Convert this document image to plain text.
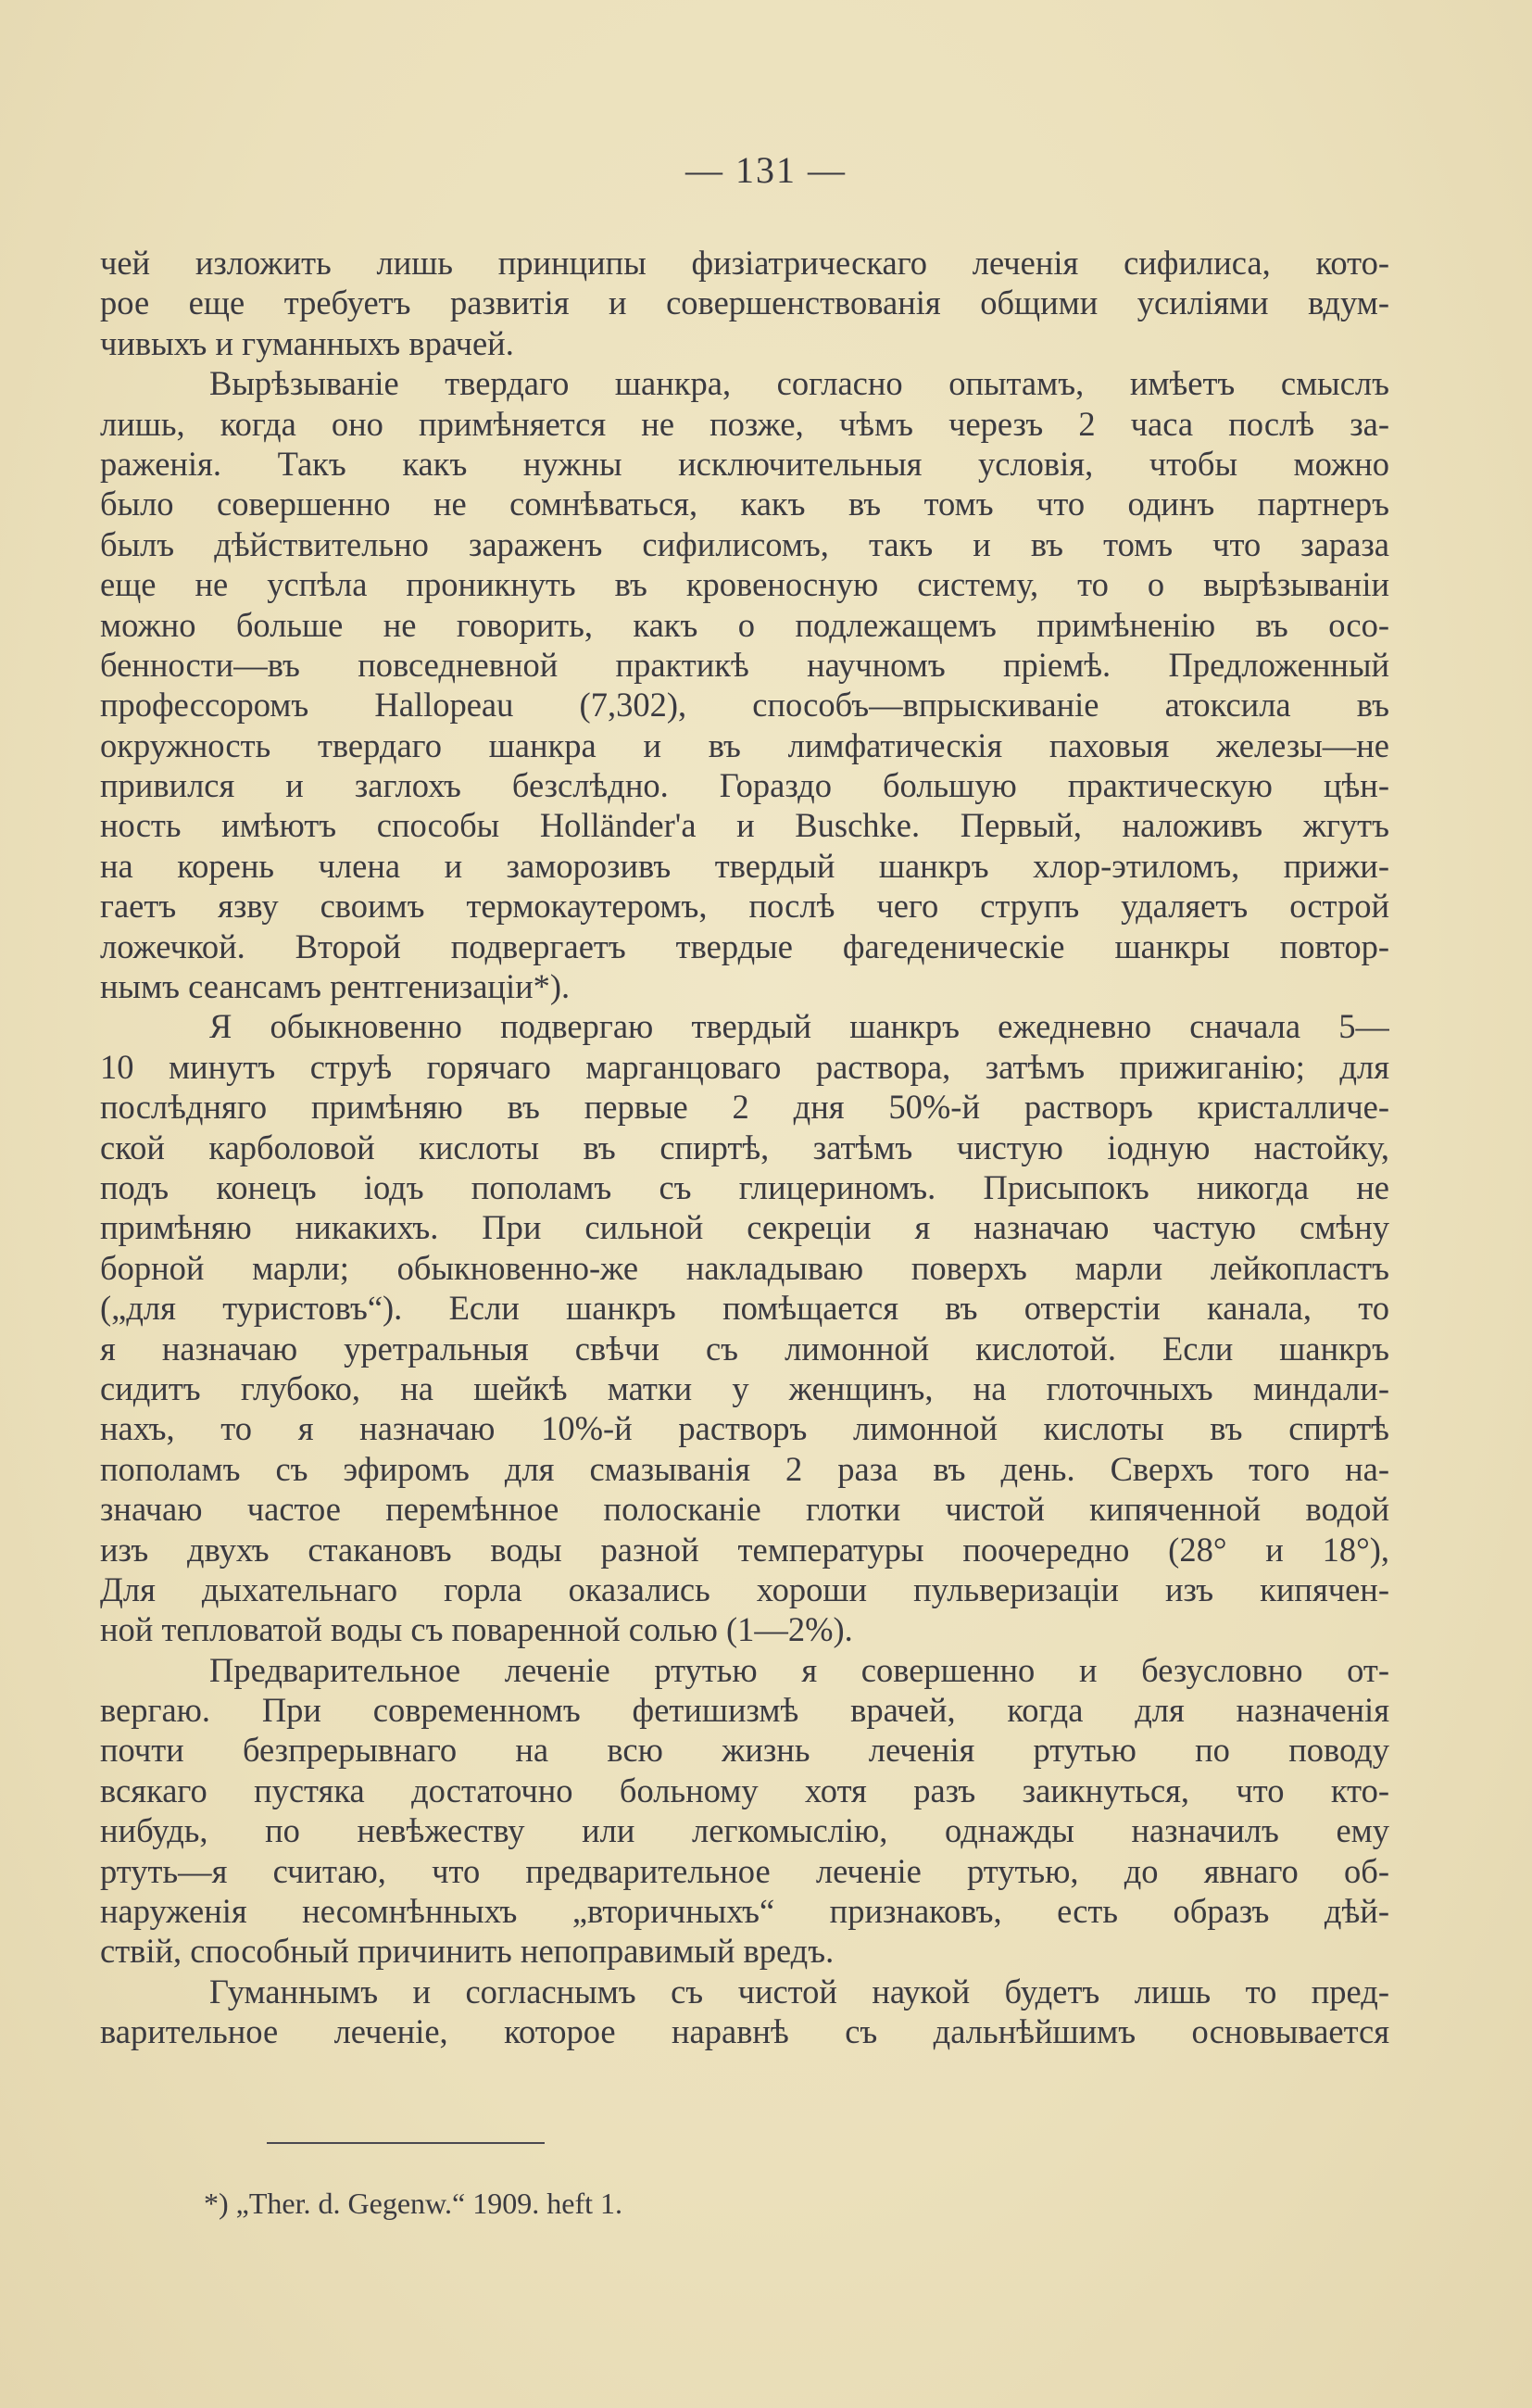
— 131 —
чей изложить лишь принципы физiатрическаго леченiя сифилиса, кото-
рое еще требуетъ развитiя и совершенствованiя общими усилiями вдум-
чивыхъ и гуманныхъ врачей.
Вырѣзыванiе твердаго шанкра, согласно опытамъ, имѣетъ смыслъ
лишь, когда оно примѣняется не позже, чѣмъ черезъ 2 часа послѣ за-
раженiя. Такъ какъ нужны исключительныя условiя, чтобы можно
было совершенно не сомнѣваться, какъ въ томъ что одинъ партнеръ
былъ дѣйствительно зараженъ сифилисомъ, такъ и въ томъ что зараза
еще не успѣла проникнуть въ кровеносную систему, то о вырѣзыванiи
можно больше не говорить, какъ о подлежащемъ примѣненiю въ осо-
бенности—въ повседневной практикѣ научномъ прiемѣ. Предложенный
профессоромъ Hallopeau (7,302), способъ—впрыскиванiе атоксила въ
окружность твердаго шанкра и въ лимфатическiя паховыя железы—не
привился и заглохъ безслѣдно. Гораздо большую практическую цѣн-
ность имѣютъ способы Holländer'a и Buschke. Первый, наложивъ жгутъ
на корень члена и заморозивъ твердый шанкръ хлор-этиломъ, прижи-
гаетъ язву своимъ термокаутеромъ, послѣ чего струпъ удаляетъ острой
ложечкой. Второй подвергаетъ твердые фагеденическiе шанкры повтор-
нымъ сеансамъ рентгенизацiи*).
Я обыкновенно подвергаю твердый шанкръ ежедневно сначала 5—
10 минутъ струѣ горячаго марганцоваго раствора, затѣмъ прижиганiю; для
послѣдняго примѣняю въ первые 2 дня 50%-й растворъ кристалличе-
ской карболовой кислоты въ спиртѣ, затѣмъ чистую iодную настойку,
подъ конецъ iодъ пополамъ съ глицериномъ. Присыпокъ никогда не
примѣняю никакихъ. При сильной секрецiи я назначаю частую смѣну
борной марли; обыкновенно-же накладываю поверхъ марли лейкопластъ
(„для туристовъ“). Если шанкръ помѣщается въ отверстiи канала, то
я назначаю уретральныя свѣчи съ лимонной кислотой. Если шанкръ
сидитъ глубоко, на шейкѣ матки у женщинъ, на глоточныхъ миндали-
нахъ, то я назначаю 10%-й растворъ лимонной кислоты въ спиртѣ
пополамъ съ эфиромъ для смазыванiя 2 раза въ день. Сверхъ того на-
значаю частое перемѣнное полосканiе глотки чистой кипяченной водой
изъ двухъ стакановъ воды разной температуры поочередно (28° и 18°),
Для дыхательнаго горла оказались хороши пульверизацiи изъ кипячен-
ной тепловатой воды съ поваренной солью (1—2%).
Предварительное леченiе ртутью я совершенно и безусловно от-
вергаю. При современномъ фетишизмѣ врачей, когда для назначенiя
почти безпрерывнаго на всю жизнь леченiя ртутью по поводу
всякаго пустяка достаточно больному хотя разъ заикнуться, что кто-
нибудь, по невѣжеству или легкомыслiю, однажды назначилъ ему
ртуть—я считаю, что предварительное леченiе ртутью, до явнаго об-
наруженiя несомнѣнныхъ „вторичныхъ“ признаковъ, есть образъ дѣй-
ствiй, способный причинить непоправимый вредъ.
Гуманнымъ и согласнымъ съ чистой наукой будетъ лишь то пред-
варительное леченiе, которое наравнѣ съ дальнѣйшимъ основывается
*) „Ther. d. Gegenw.“ 1909. heft 1.
